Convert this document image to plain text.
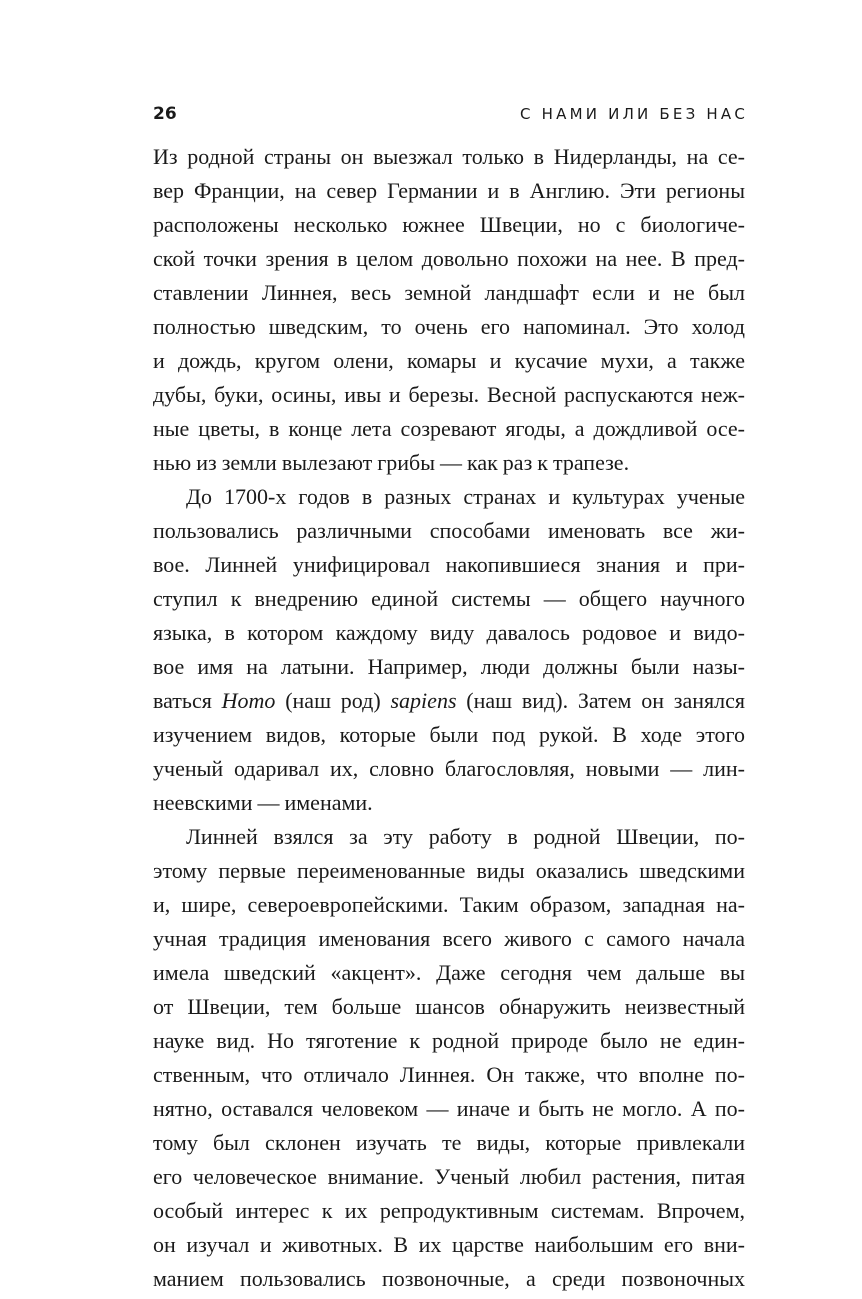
26	С НАМИ ИЛИ БЕЗ НАС
Из родной страны он выезжал только в Нидерланды, на се-
вер Франции, на север Германии и в Англию. Эти регионы
расположены несколько южнее Швеции, но с биологиче-
ской точки зрения в целом довольно похожи на нее. В пред-
ставлении Линнея, весь земной ландшафт если и не был
полностью шведским, то очень его напоминал. Это холод
и дождь, кругом олени, комары и кусачие мухи, а также
дубы, буки, осины, ивы и березы. Весной распускаются неж-
ные цветы, в конце лета созревают ягоды, а дождливой осе-
нью из земли вылезают грибы — как раз к трапезе.
До 1700-х годов в разных странах и культурах ученые
пользовались различными способами именовать все жи-
вое. Линней унифицировал накопившиеся знания и при-
ступил к внедрению единой системы — общего научного
языка, в котором каждому виду давалось родовое и видо-
вое имя на латыни. Например, люди должны были назы-
ваться Homo (наш род) sapiens (наш вид). Затем он занялся
изучением видов, которые были под рукой. В ходе этого
ученый одаривал их, словно благословляя, новыми — лин-
неевскими — именами.
Линней взялся за эту работу в родной Швеции, по-
этому первые переименованные виды оказались шведскими
и, шире, североевропейскими. Таким образом, западная на-
учная традиция именования всего живого с самого начала
имела шведский «акцент». Даже сегодня чем дальше вы
от Швеции, тем больше шансов обнаружить неизвестный
науке вид. Но тяготение к родной природе было не един-
ственным, что отличало Линнея. Он также, что вполне по-
нятно, оставался человеком — иначе и быть не могло. А по-
тому был склонен изучать те виды, которые привлекали
его человеческое внимание. Ученый любил растения, питая
особый интерес к их репродуктивным системам. Впрочем,
он изучал и животных. В их царстве наибольшим его вни-
манием пользовались позвоночные, а среди позвоночных
